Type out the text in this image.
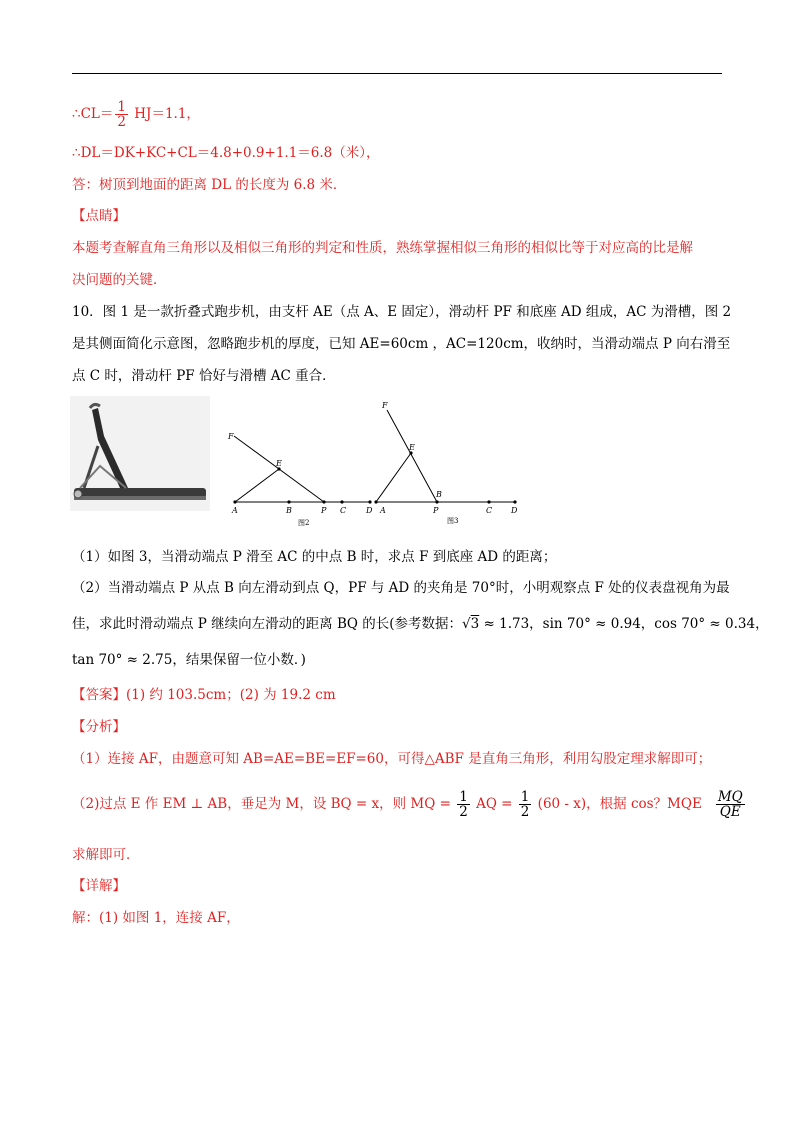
∴CL＝ $\frac{1}{2} HJ=1.1$，
∴DL＝DK+KC+CL＝4.8+0.9+1.1＝6.8（米），
答：树顶到地面的距离 DL 的长度为 6.8 米．
【点睛】
本题考查解直角三角形以及相似三角形的判定和性质，熟练掌握相似三角形的相似比等于对应高的比是解
决问题的关键．
10．图 1 是一款折叠式跑步机，由支杆 AE（点 A、E 固定），滑动杆 PF 和底座 AD 组成，AC 为滑槽，图 2
是其侧面简化示意图，忽略跑步机的厚度，已知 AE=60cm ，AC=120cm，收纳时，当滑动端点 P 向右滑至
点 C 时，滑动杆 PF 恰好与滑槽 AC 重合．
F
E
A	B	P C D
图2
F
E
B
A	P	C D
图3
（1）如图 3，当滑动端点 P 滑至 AC 的中点 B 时，求点 F 到底座 AD 的距离；
（2）当滑动端点 P 从点 B 向左滑动到点 Q，PF 与 AD 的夹角是 70°时，小明观察点 F 处的仪表盘视角为最
佳，求此时滑动端点 P 继续向左滑动的距离 BQ 的长(参考数据：√3 ≈ 1.73，sin 70° ≈ 0.94，cos 70° ≈ 0.34，
tan 70° ≈ 2.75，结果保留一位小数．)
【答案】(1) 约 103.5cm；(2) 为 19.2 cm
【分析】
（1）连接 AF，由题意可知 AB=AE=BE=EF=60，可得△ABF 是直角三角形，利用勾股定理求解即可；
（2)过点 E 作 EM ⊥ AB，垂足为 M，设 BQ = x，则 MQ = $\frac{1}{2}$ AQ = $\frac{1}{2} (60 - x)$，根据 cos？MQE $\frac{MQ}{QE}$
求解即可．
【详解】
解：(1) 如图 1，连接 AF，
